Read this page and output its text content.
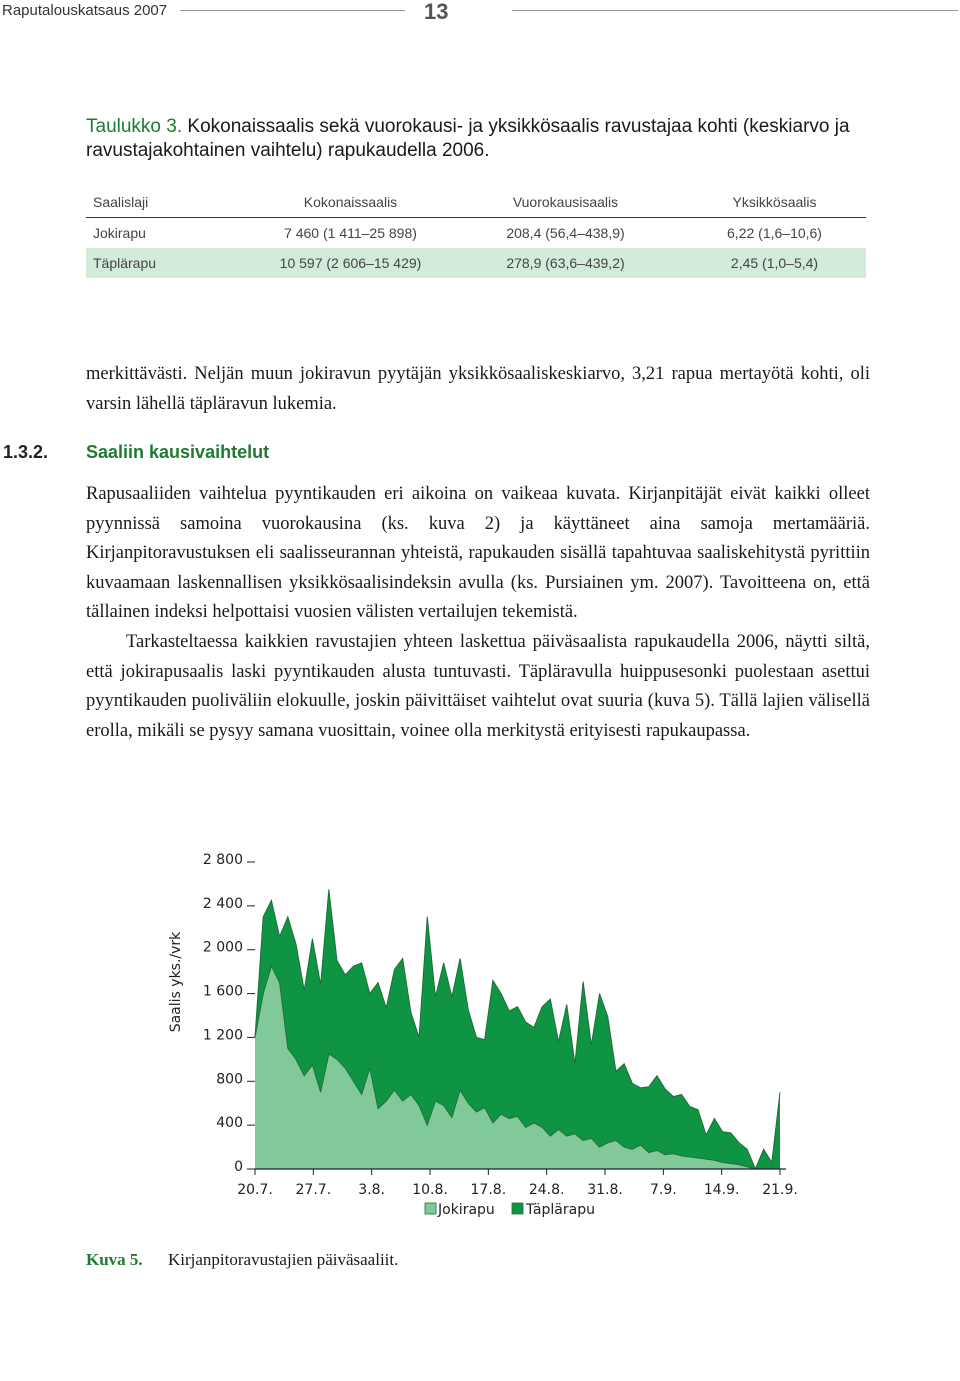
Raputalouskatsaus 2007	13
Taulukko 3. Kokonaissaalis sekä vuorokausi- ja yksikkösaalis ravustajaa kohti (keskiarvo ja ravustajakohtainen vaihtelu) rapukaudella 2006.
Saalislaji	Kokonaissaalis	Vuorokausisaalis	Yksikkösaalis
Jokirapu	7 460 (1 411–25 898)	208,4 (56,4–438,9)	6,22 (1,6–10,6)
Täplärapu	10 597 (2 606–15 429)	278,9 (63,6–439,2)	2,45 (1,0–5,4)

merkittävästi. Neljän muun jokiravun pyytäjän yksikkösaaliskeskiarvo, 3,21 rapua mertayötä kohti, oli varsin lähellä täpläravun lukemia.

1.3.2. Saaliin kausivaihtelut

Rapusaaliiden vaihtelua pyyntikauden eri aikoina on vaikeaa kuvata. Kirjanpitäjät eivät kaikki olleet pyynnissä samoina vuorokausina (ks. kuva 2) ja käyttäneet aina samoja mertamääriä. Kirjanpitoravustuksen eli saalisseurannan yhteistä, rapukauden sisällä tapahtuvaa saaliskehitystä pyrittiin kuvaamaan laskennallisen yksikkösaalisindeksin avulla (ks. Pursiainen ym. 2007). Tavoitteena on, että tällainen indeksi helpottaisi vuosien välisten vertailujen tekemistä.

Tarkasteltaessa kaikkien ravustajien yhteen laskettua päiväsaalista rapukaudella 2006, näytti siltä, että jokirapusaalis laski pyyntikauden alusta tuntuvasti. Täpläravulla huippusesonki puolestaan asettui pyyntikauden puoliväliin elokuulle, joskin päivittäiset vaihtelut ovat suuria (kuva 5). Tällä lajien välisellä erolla, mikäli se pysyy samana vuosittain, voinee olla merkitystä erityisesti rapukaupassa.

0
400
800
1 200
1 600
2 000
2 400
2 800
20.7. 27.7. 3.8. 10.8. 17.8. 24.8. 31.8. 7.9. 14.9. 21.9.
Saalis yks./vrk
Jokirapu Täplärapu
Kuva 5. Kirjanpitoravustajien päiväsaaliit.
